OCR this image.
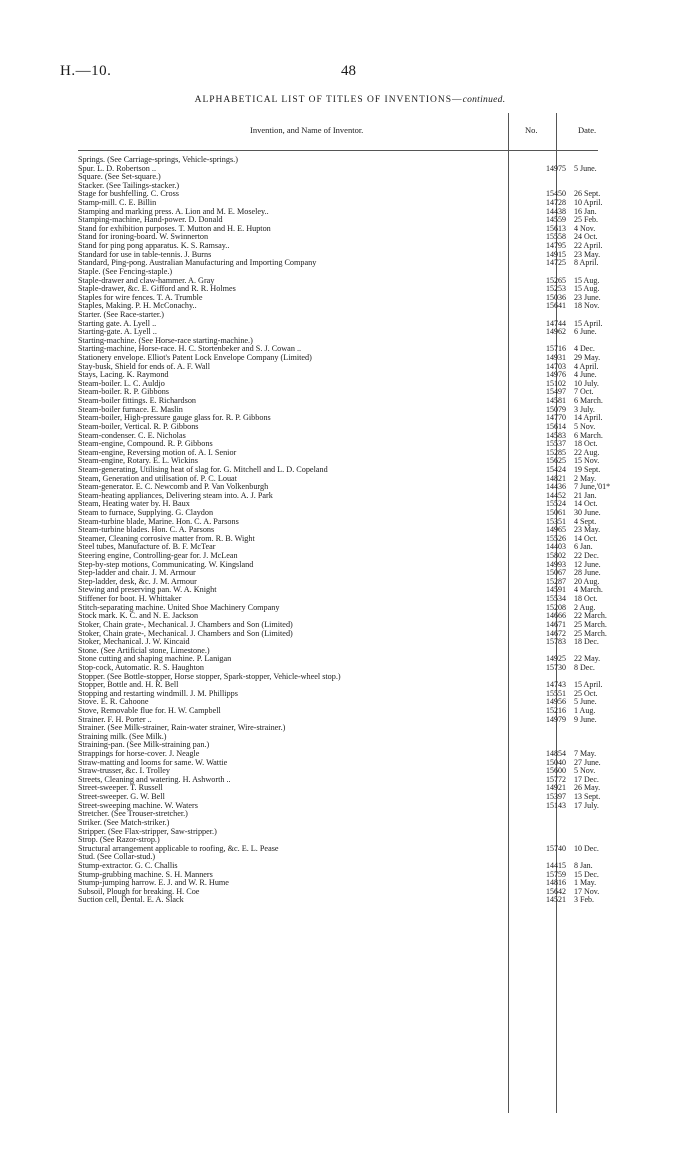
H.—10.	48
ALPHABETICAL LIST OF TITLES OF INVENTIONS—continued.
Invention, and Name of Inventor.	No.	Date.
Springs. (See Carriage-springs, Vehicle-springs.)
Spur. L. D. Robertson ..	14975 5 June.
Square. (See Set-square.)
Stacker. (See Tailings-stacker.)
Stage for bushfelling. C. Cross	15450 26 Sept.
Stamp-mill. C. E. Billin	14728 10 April.
Stamping and marking press. A. Lion and M. E. Moseley..	14438 16 Jan.
Stamping-machine, Hand-power. D. Donald	14559 25 Feb.
Stand for exhibition purposes. T. Mutton and H. E. Hupton	15613 4 Nov.
Stand for ironing-board. W. Swinnerton	15558 24 Oct.
Stand for ping pong apparatus. K. S. Ramsay..	14795 22 April.
Standard for use in table-tennis. J. Burns	14915 23 May.
Standard, Ping-pong. Australian Manufacturing and Importing Company	14725 8 April.
Staple. (See Fencing-staple.)
Staple-drawer and claw-hammer. A. Gray	15265 15 Aug.
Staple-drawer, &c. E. Gifford and R. R. Holmes	15253 15 Aug.
Staples for wire fences. T. A. Trumble	15036 23 June.
Staples, Making. P. H. McConachy..	15641 18 Nov.
Starter. (See Race-starter.)
Starting gate. A. Lyell ..	14744 15 April.
Starting-gate. A. Lyell ..	14962 6 June.
Starting-machine. (See Horse-race starting-machine.)
Starting-machine, Horse-race. H. C. Stortenbeker and S. J. Cowan ..	15716 4 Dec.
Stationery envelope. Elliot's Patent Lock Envelope Company (Limited)	14931 29 May.
Stay-busk, Shield for ends of. A. F. Wall	14703 4 April.
Stays, Lacing. K. Raymond	14976 4 June.
Steam-boiler. L. C. Auldjo	15102 10 July.
Steam-boiler. R. P. Gibbons	15497 7 Oct.
Steam-boiler fittings. E. Richardson	14581 6 March.
Steam-boiler furnace. E. Maslin	15079 3 July.
Steam-boiler, High-pressure gauge glass for. R. P. Gibbons	14770 14 April.
Steam-boiler, Vertical. R. P. Gibbons	15614 5 Nov.
Steam-condenser. C. E. Nicholas	14583 6 March.
Steam-engine, Compound. R. P. Gibbons	15537 18 Oct.
Steam-engine, Reversing motion of. A. I. Senior	15285 22 Aug.
Steam-engine, Rotary. E. L. Wickins	15625 15 Nov.
Steam-generating, Utilising heat of slag for. G. Mitchell and L. D. Copeland	15424 19 Sept.
Steam, Generation and utilisation of. P. C. Louat	14821 2 May.
Steam-generator. E. C. Newcomb and P. Van Volkenburgh	14436 7 June,'01*
Steam-heating appliances, Delivering steam into. A. J. Park	14452 21 Jan.
Steam, Heating water by. H. Baux	15524 14 Oct.
Steam to furnace, Supplying. G. Claydon	15061 30 June.
Steam-turbine blade, Marine. Hon. C. A. Parsons	15351 4 Sept.
Steam-turbine blades. Hon. C. A. Parsons	14965 23 May.
Steamer, Cleaning corrosive matter from. R. B. Wight	15526 14 Oct.
Steel tubes, Manufacture of. B. F. McTear	14403 6 Jan.
Steering engine, Controlling-gear for. J. McLean	15802 22 Dec.
Step-by-step motions, Communicating. W. Kingsland	14993 12 June.
Step-ladder and chair. J. M. Armour	15067 28 June.
Step-ladder, desk, &c. J. M. Armour	15287 20 Aug.
Stewing and preserving pan. W. A. Knight	14591 4 March.
Stiffener for boot. H. Whittaker	15534 18 Oct.
Stitch-separating machine. United Shoe Machinery Company	15208 2 Aug.
Stock mark. K. C. and N. E. Jackson	14666 22 March.
Stoker, Chain grate-, Mechanical. J. Chambers and Son (Limited)	14671 25 March.
Stoker, Chain grate-, Mechanical. J. Chambers and Son (Limited)	14672 25 March.
Stoker, Mechanical. J. W. Kincaid	15783 18 Dec.
Stone. (See Artificial stone, Limestone.)
Stone cutting and shaping machine. P. Lanigan	14925 22 May.
Stop-cock, Automatic. R. S. Haughton	15730 8 Dec.
Stopper. (See Bottle-stopper, Horse stopper, Spark-stopper, Vehicle-wheel stop.)
Stopper, Bottle and. H. R. Bell	14743 15 April.
Stopping and restarting windmill. J. M. Phillipps	15551 25 Oct.
Stove. E. R. Cahoone	14956 5 June.
Stove, Removable flue for. H. W. Campbell	15216 1 Aug.
Strainer. F. H. Porter ..	14979 9 June.
Strainer. (See Milk-strainer, Rain-water strainer, Wire-strainer.)
Straining milk. (See Milk.)
Straining-pan. (See Milk-straining pan.)
Strappings for horse-cover. J. Neagle	14854 7 May.
Straw-matting and looms for same. W. Wattie	15040 27 June.
Straw-trusser, &c. I. Trolley	15600 5 Nov.
Streets, Cleaning and watering. H. Ashworth ..	15772 17 Dec.
Street-sweeper. T. Russell	14921 26 May.
Street-sweeper. G. W. Bell	15397 13 Sept.
Street-sweeping machine. W. Waters	15143 17 July.
Stretcher. (See Trouser-stretcher.)
Striker. (See Match-striker.)
Stripper. (See Flax-stripper, Saw-stripper.)
Strop. (See Razor-strop.)
Structural arrangement applicable to roofing, &c. E. L. Pease	15740 10 Dec.
Stud. (See Collar-stud.)
Stump-extractor. G. C. Challis	14415 8 Jan.
Stump-grubbing machine. S. H. Manners	15759 15 Dec.
Stump-jumping harrow. E. J. and W. R. Hume	14816 1 May.
Subsoil, Plough for breaking. H. Coe	15642 17 Nov.
Suction cell, Dental. E. A. Slack	14521 3 Feb.
